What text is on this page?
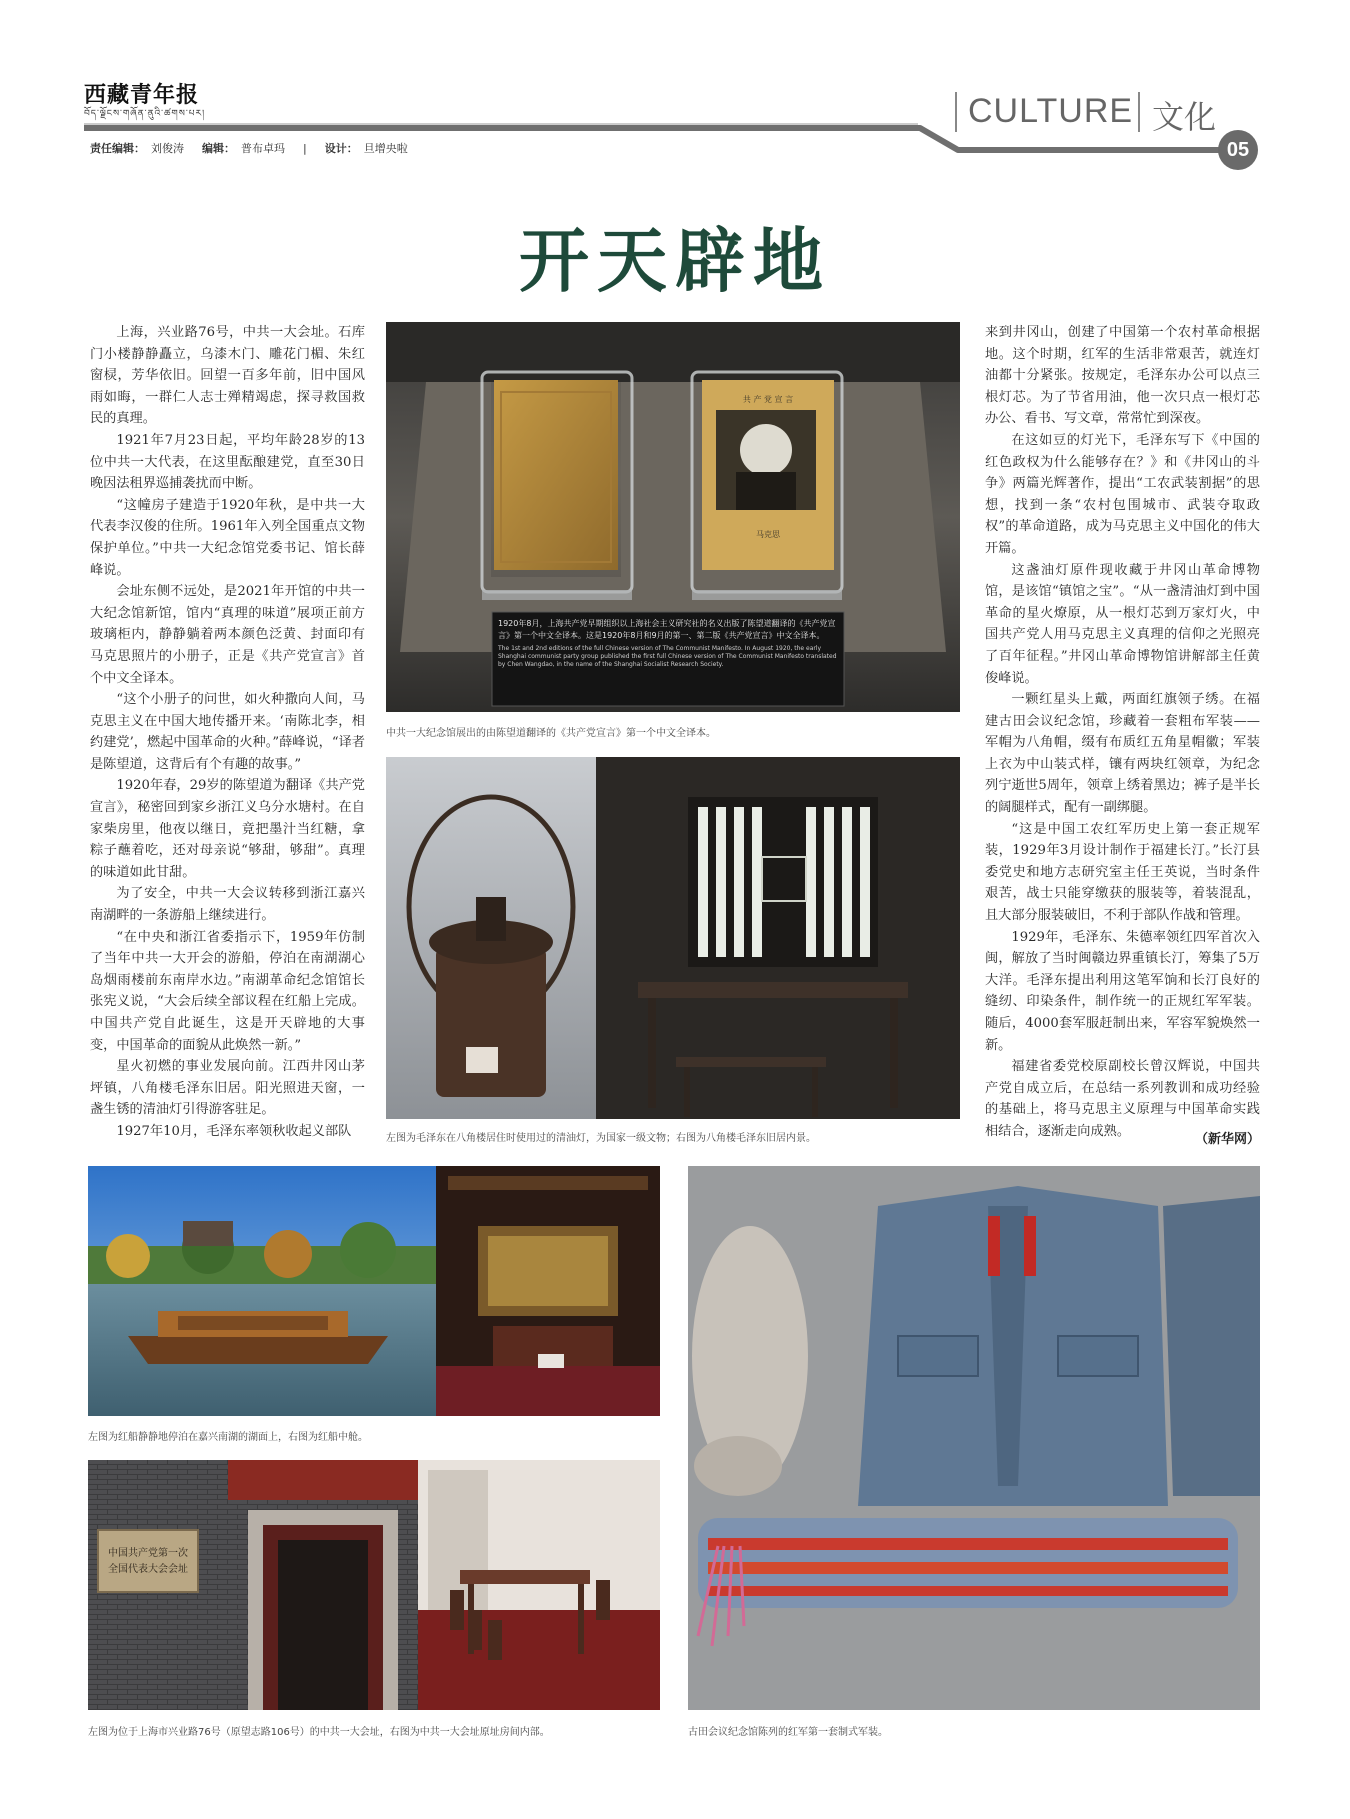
西藏青年报
བོད་ལྗོངས་གཞོན་ནུའི་ཚགས་པར།
责任编辑： 刘俊涛 编辑： 普布卓玛 | 设计： 旦增央啦
CULTURE 文化
05
开天辟地

上海，兴业路76号，中共一大会址。石库门小楼静静矗立，乌漆木门、雕花门楣、朱红窗棂，芳华依旧。回望一百多年前，旧中国风雨如晦，一群仁人志士殚精竭虑，探寻救国救民的真理。

1921年7月23日起，平均年龄28岁的13位中共一大代表，在这里酝酿建党，直至30日晚因法租界巡捕袭扰而中断。

“这幢房子建造于1920年秋，是中共一大代表李汉俊的住所。1961年入列全国重点文物保护单位。”中共一大纪念馆党委书记、馆长薛峰说。

会址东侧不远处，是2021年开馆的中共一大纪念馆新馆，馆内“真理的味道”展项正前方玻璃柜内，静静躺着两本颜色泛黄、封面印有马克思照片的小册子，正是《共产党宣言》首个中文全译本。

“这个小册子的问世，如火种撒向人间，马克思主义在中国大地传播开来。‘南陈北李，相约建党’，燃起中国革命的火种。”薛峰说，“译者是陈望道，这背后有个有趣的故事。”

1920年春，29岁的陈望道为翻译《共产党宣言》，秘密回到家乡浙江义乌分水塘村。在自家柴房里，他夜以继日，竟把墨汁当红糖，拿粽子蘸着吃，还对母亲说“够甜，够甜”。真理的味道如此甘甜。

为了安全，中共一大会议转移到浙江嘉兴南湖畔的一条游船上继续进行。

“在中央和浙江省委指示下，1959年仿制了当年中共一大开会的游船，停泊在南湖湖心岛烟雨楼前东南岸水边。”南湖革命纪念馆馆长张宪义说，“大会后续全部议程在红船上完成。中国共产党自此诞生，这是开天辟地的大事变，中国革命的面貌从此焕然一新。”

星火初燃的事业发展向前。江西井冈山茅坪镇，八角楼毛泽东旧居。阳光照进天窗，一盏生锈的清油灯引得游客驻足。

1927年10月，毛泽东率领秋收起义部队

来到井冈山，创建了中国第一个农村革命根据地。这个时期，红军的生活非常艰苦，就连灯油都十分紧张。按规定，毛泽东办公可以点三根灯芯。为了节省用油，他一次只点一根灯芯办公、看书、写文章，常常忙到深夜。

在这如豆的灯光下，毛泽东写下《中国的红色政权为什么能够存在？》和《井冈山的斗争》两篇光辉著作，提出“工农武装割据”的思想，找到一条“农村包围城市、武装夺取政权”的革命道路，成为马克思主义中国化的伟大开篇。

这盏油灯原件现收藏于井冈山革命博物馆，是该馆“镇馆之宝”。“从一盏清油灯到中国革命的星火燎原，从一根灯芯到万家灯火，中国共产党人用马克思主义真理的信仰之光照亮了百年征程。”井冈山革命博物馆讲解部主任黄俊峰说。

一颗红星头上戴，两面红旗领子绣。在福建古田会议纪念馆，珍藏着一套粗布军装——军帽为八角帽，缀有布质红五角星帽徽；军装上衣为中山装式样，镶有两块红领章，为纪念列宁逝世5周年，领章上绣着黑边；裤子是半长的阔腿样式，配有一副绑腿。

“这是中国工农红军历史上第一套正规军装，1929年3月设计制作于福建长汀。”长汀县委党史和地方志研究室主任王英说，当时条件艰苦，战士只能穿缴获的服装等，着装混乱，且大部分服装破旧，不利于部队作战和管理。

1929年，毛泽东、朱德率领红四军首次入闽，解放了当时闽赣边界重镇长汀，筹集了5万大洋。毛泽东提出利用这笔军饷和长汀良好的缝纫、印染条件，制作统一的正规红军军装。随后，4000套军服赶制出来，军容军貌焕然一新。

福建省委党校原副校长曾汉辉说，中国共产党自成立后，在总结一系列教训和成功经验的基础上，将马克思主义原理与中国革命实践相结合，逐渐走向成熟。

（新华网）
共 产 党 宣 言
马克思
1920年8月，上海共产党早期组织以上海社会主义研究社的名义出版了陈望道翻译的《共产党宣言》第一个中文全译本。这是1920年8月和9月的第一、第二版《共产党宣言》中文全译本。
The 1st and 2nd editions of the full Chinese version of The Communist Manifesto. In August 1920, the early Shanghai communist party group published the first full Chinese version of The Communist Manifesto translated by Chen Wangdao, in the name of the Shanghai Socialist Research Society.
中共一大纪念馆展出的由陈望道翻译的《共产党宣言》第一个中文全译本。
左图为毛泽东在八角楼居住时使用过的清油灯，为国家一级文物；右图为八角楼毛泽东旧居内景。
左图为红船静静地停泊在嘉兴南湖的湖面上，右图为红船中舱。
中国共产党第一次
全国代表大会会址
左图为位于上海市兴业路76号（原望志路106号）的中共一大会址，右图为中共一大会址原址房间内部。	古田会议纪念馆陈列的红军第一套制式军装。
